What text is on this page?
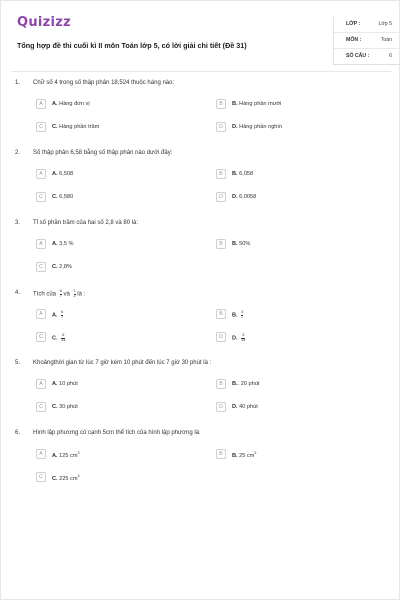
Quizizz
Tổng hợp đề thi cuối kì II môn Toán lớp 5, có lời giải chi tiết (Đề 31)
LỚP :	Lớp 5
MÔN :	Toán
SỐ CÂU :	6
1. Chữ số 4 trong số thập phân 18,524 thuộc hàng nào:
A	A. Hàng đơn vị	B	B. Hàng phần mười
C	C. Hàng phần trăm	D	D. Hàng phần nghìn
2. Số thập phân 6,58 bằng số thập phân nào dưới đây:
A	A. 6,508	B	B. 6,058
C	C. 6,580	D	D. 6,0058
3. Tỉ số phần trăm của hai số 2,8 và 80 là:
A	A. 3,5 %	B	B. 50%
C	C. 2,8%
4. Tích của $\frac{6}{7}$ và $\frac{1}{2}$ là :
A	A. $\frac{6}{7}$	B	B. $\frac{3}{7}$
C	C. $\frac{6}{14}$	D	D. $\frac{3}{14}$
5. Khoảngthời gian từ lúc 7 giờ kém 10 phút đến lúc 7 giờ 30 phút là :
A	A. 10 phút	B	B.. 20 phút
C	C. 30 phút	D	D. 40 phút
6. Hình lập phương có cạnh 5cm thể tích của hình lập phương là:
A	A. 125 $cm^3$	B	B. 25 $cm^3$
C	C. 225 $cm^3$
